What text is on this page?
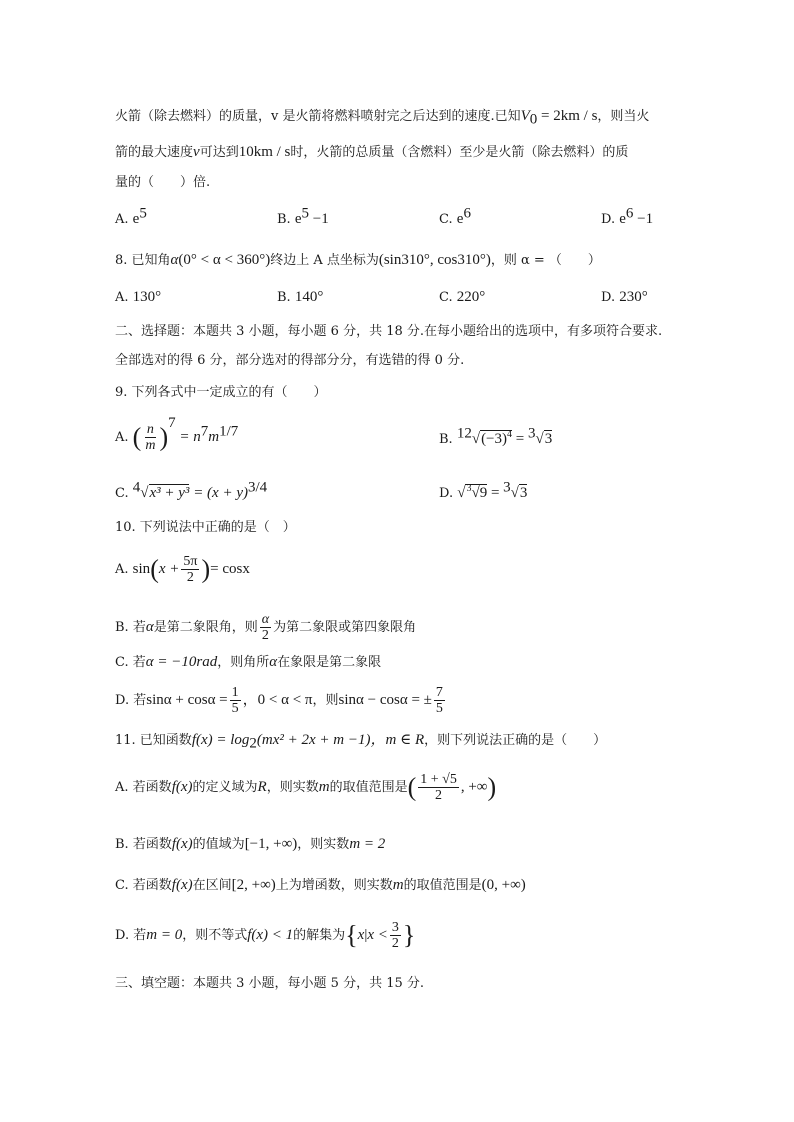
火箭（除去燃料）的质量，v 是火箭将燃料喷射完之后达到的速度.已知$V_0 = 2km / s$，则当火
箭的最大速度v可达到10km / s时，火箭的总质量（含燃料）至少是火箭（除去燃料）的质
量的（　　）倍.
A. $e^5$	B. $e^5 -1$	C. $e^6$	D. $e^6 -1$
8. 已知角α(0° < α < 360°)终边上 A 点坐标为(sin310°, cos310°)，则 α = （　　）
A. 130°	B. 140°	C. 220°	D. 230°
二、选择题：本题共 3 小题，每小题 6 分，共 18 分.在每小题给出的选项中，有多项符合要求.
全部选对的得 6 分，部分选对的得部分分，有选错的得 0 分.
9. 下列各式中一定成立的有（　　）
A. ( $\frac{n}{m} )^7 = n^7m^{1/7}$	B. $^{12}√(-3)^4 = ^3√3$
C. $^4√x^3 + y^3 = (x + y)^{3/4}$	D. √$^3$√9 = $^3$√3
10. 下列说法中正确的是（　）
A. $\sin(x + \frac{5\pi}{2}$ )= cosx
B. 若α是第二象限角，则 $\frac{\alpha}{2}$ 为第二象限或第四象限角
C. 若α = −10rad，则角所α在象限是第二象限
D. 若$\sin\alpha + \cos\alpha = \frac{1}{5}$ ，0 < α < π，则sinα − cosα = ± $\frac{7}{5}$
11. 已知函数$f(x) = \log_2(mx^2 + 2x + m -1)$，m ∈ R，则下列说法正确的是（　　）
A. 若函数f(x)的定义域为R，则实数m的取值范围是( $\frac{1 + √5}{2}$ , +∞)
B. 若函数f(x)的值域为[−1, +∞)，则实数m = 2
C. 若函数f(x)在区间[2, +∞)上为增函数，则实数m的取值范围是(0, +∞)
D. 若m = 0，则不等式f(x) < 1的解集为{$x|x < \frac{3}{2}$ }
三、填空题：本题共 3 小题，每小题 5 分，共 15 分.
